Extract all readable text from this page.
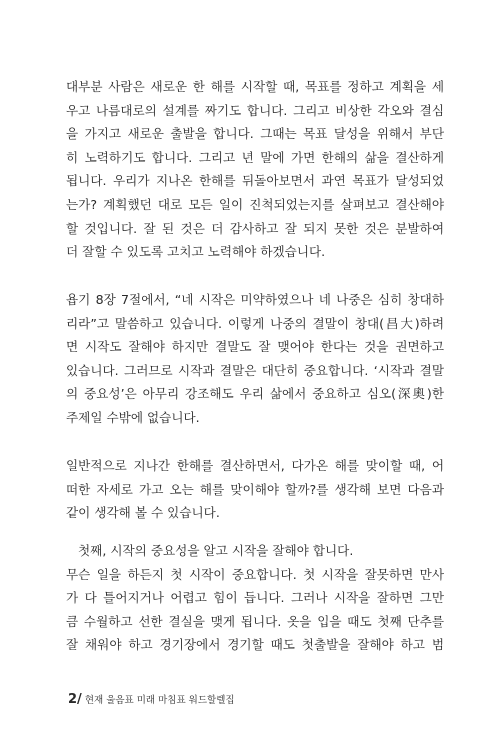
대부분 사람은 새로운 한 해를 시작할 때, 목표를 정하고 계획을 세
우고 나름대로의 설계를 짜기도 합니다. 그리고 비상한 각오와 결심
을 가지고 새로운 출발을 합니다. 그때는 목표 달성을 위해서 부단
히 노력하기도 합니다. 그리고 년 말에 가면 한해의 삶을 결산하게
됩니다. 우리가 지나온 한해를 뒤돌아보면서 과연 목표가 달성되었
는가? 계획했던 대로 모든 일이 진척되었는지를 살펴보고 결산해야
할 것입니다. 잘 된 것은 더 감사하고 잘 되지 못한 것은 분발하여
더 잘할 수 있도록 고치고 노력해야 하겠습니다.
욥기 8장 7절에서, “네 시작은 미약하였으나 네 나중은 심히 창대하
리라”고 말씀하고 있습니다. 이렇게 나중의 결말이 창대(昌大)하려
면 시작도 잘해야 하지만 결말도 잘 맺어야 한다는 것을 권면하고
있습니다. 그러므로 시작과 결말은 대단히 중요합니다. ‘시작과 결말
의 중요성’은 아무리 강조해도 우리 삶에서 중요하고 심오(深奧)한
주제일 수밖에 없습니다.
일반적으로 지나간 한해를 결산하면서, 다가온 해를 맞이할 때, 어
떠한 자세로 가고 오는 해를 맞이해야 할까?를 생각해 보면 다음과
같이 생각해 볼 수 있습니다.
첫째, 시작의 중요성을 알고 시작을 잘해야 합니다.
무슨 일을 하든지 첫 시작이 중요합니다. 첫 시작을 잘못하면 만사
가 다 틀어지거나 어렵고 힘이 듭니다. 그러나 시작을 잘하면 그만
큼 수월하고 선한 결실을 맺게 됩니다. 옷을 입을 때도 첫째 단추를
잘 채워야 하고 경기장에서 경기할 때도 첫출발을 잘해야 하고 범
2/ 현재 울음표 미래 마침표 워드할렐집
